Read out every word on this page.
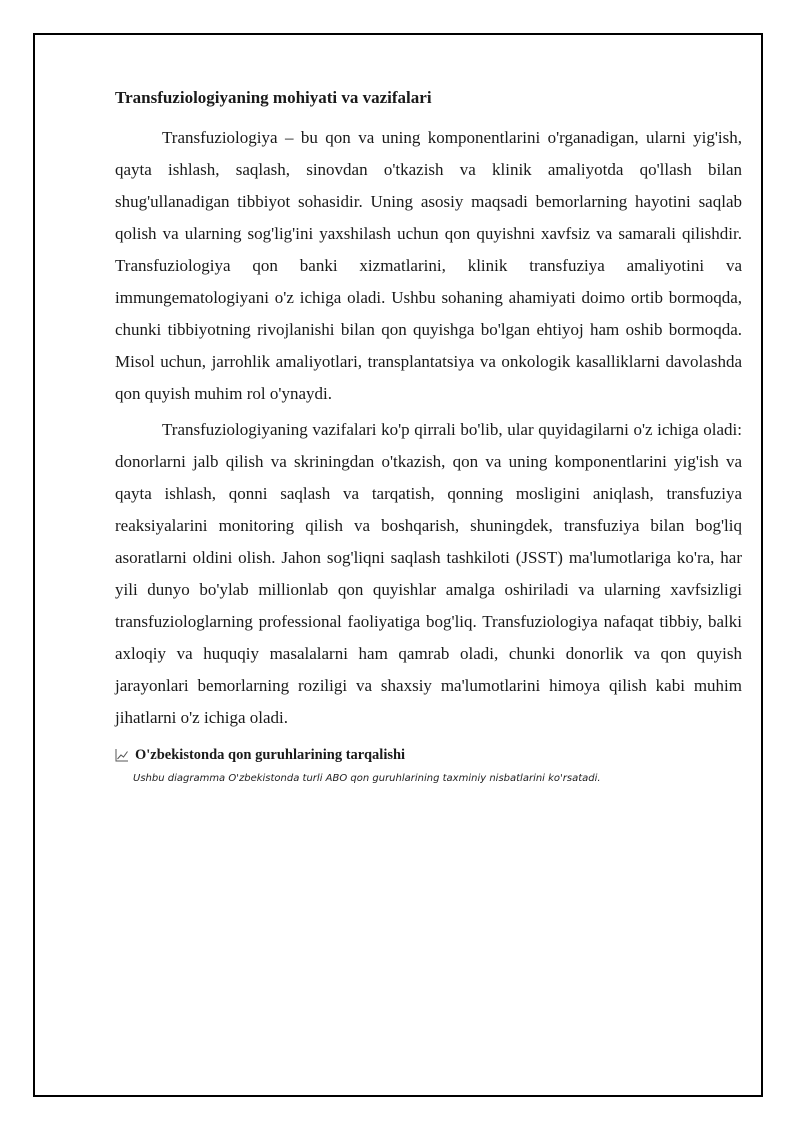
Transfuziologiyaning mohiyati va vazifalari

Transfuziologiya – bu qon va uning komponentlarini o'rganadigan, ularni yig'ish, qayta ishlash, saqlash, sinovdan o'tkazish va klinik amaliyotda qo'llash bilan shug'ullanadigan tibbiyot sohasidir. Uning asosiy maqsadi bemorlarning hayotini saqlab qolish va ularning sog'lig'ini yaxshilash uchun qon quyishni xavfsiz va samarali qilishdir. Transfuziologiya qon banki xizmatlarini, klinik transfuziya amaliyotini va immungematologiyani o'z ichiga oladi. Ushbu sohaning ahamiyati doimo ortib bormoqda, chunki tibbiyotning rivojlanishi bilan qon quyishga bo'lgan ehtiyoj ham oshib bormoqda. Misol uchun, jarrohlik amaliyotlari, transplantatsiya va onkologik kasalliklarni davolashda qon quyish muhim rol o'ynaydi.

Transfuziologiyaning vazifalari ko'p qirrali bo'lib, ular quyidagilarni o'z ichiga oladi: donorlarni jalb qilish va skriningdan o'tkazish, qon va uning komponentlarini yig'ish va qayta ishlash, qonni saqlash va tarqatish, qonning mosligini aniqlash, transfuziya reaksiyalarini monitoring qilish va boshqarish, shuningdek, transfuziya bilan bog'liq asoratlarni oldini olish. Jahon sog'liqni saqlash tashkiloti (JSST) ma'lumotlariga ko'ra, har yili dunyo bo'ylab millionlab qon quyishlar amalga oshiriladi va ularning xavfsizligi transfuziologlarning professional faoliyatiga bog'liq. Transfuziologiya nafaqat tibbiy, balki axloqiy va huquqiy masalalarni ham qamrab oladi, chunki donorlik va qon quyish jarayonlari bemorlarning roziligi va shaxsiy ma'lumotlarini himoya qilish kabi muhim jihatlarni o'z ichiga oladi.

O'zbekistonda qon guruhlarining tarqalishi
Ushbu diagramma O'zbekistonda turli ABO qon guruhlarining taxminiy nisbatlarini ko'rsatadi.
